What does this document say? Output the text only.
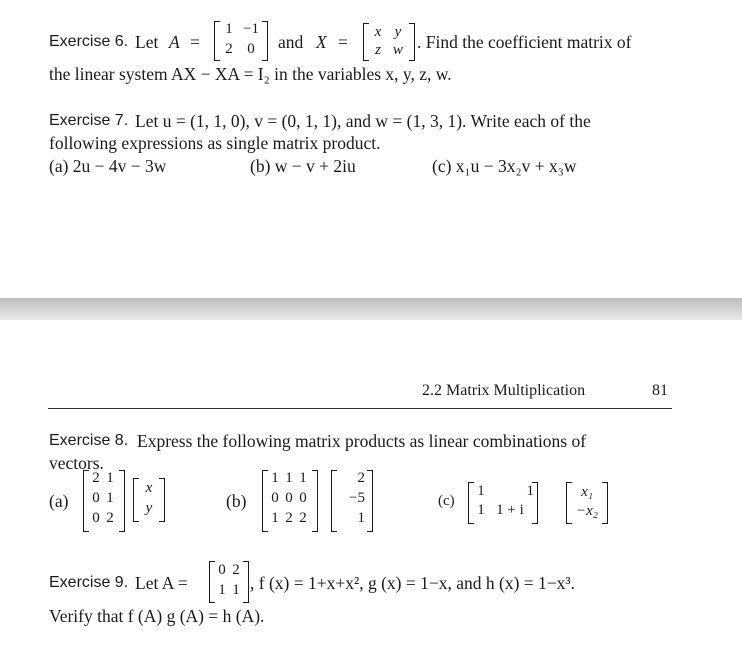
Exercise 6. Let A =
1 −1
2 0	and X =	x y
z w . Find the coefficient matrix of
the linear system AX − XA = I₂ in the variables x, y, z, w.
Exercise 7. Let u = (1, 1, 0), v = (0, 1, 1), and w = (1, 3, 1). Write each of the
following expressions as single matrix product.
(a) 2u − 4v − 3w	(b) w − v + 2iu	(c) x₁u − 3x₂v + x₃w
2.2 Matrix Multiplication	81
Exercise 8. Express the following matrix products as linear combinations of
vectors.
(a)
2 1
0 1
0 2
x
y	(b)
1 1 1
0 0 0
1 2 2
2
−5
1
(c)
1	1
1 1 + i
x₁
−x₂
Exercise 9. Let A =
0 2
1 1 , f (x) = 1+x+x², g (x) = 1−x, and h (x) = 1−x³.
Verify that f (A) g (A) = h (A).
